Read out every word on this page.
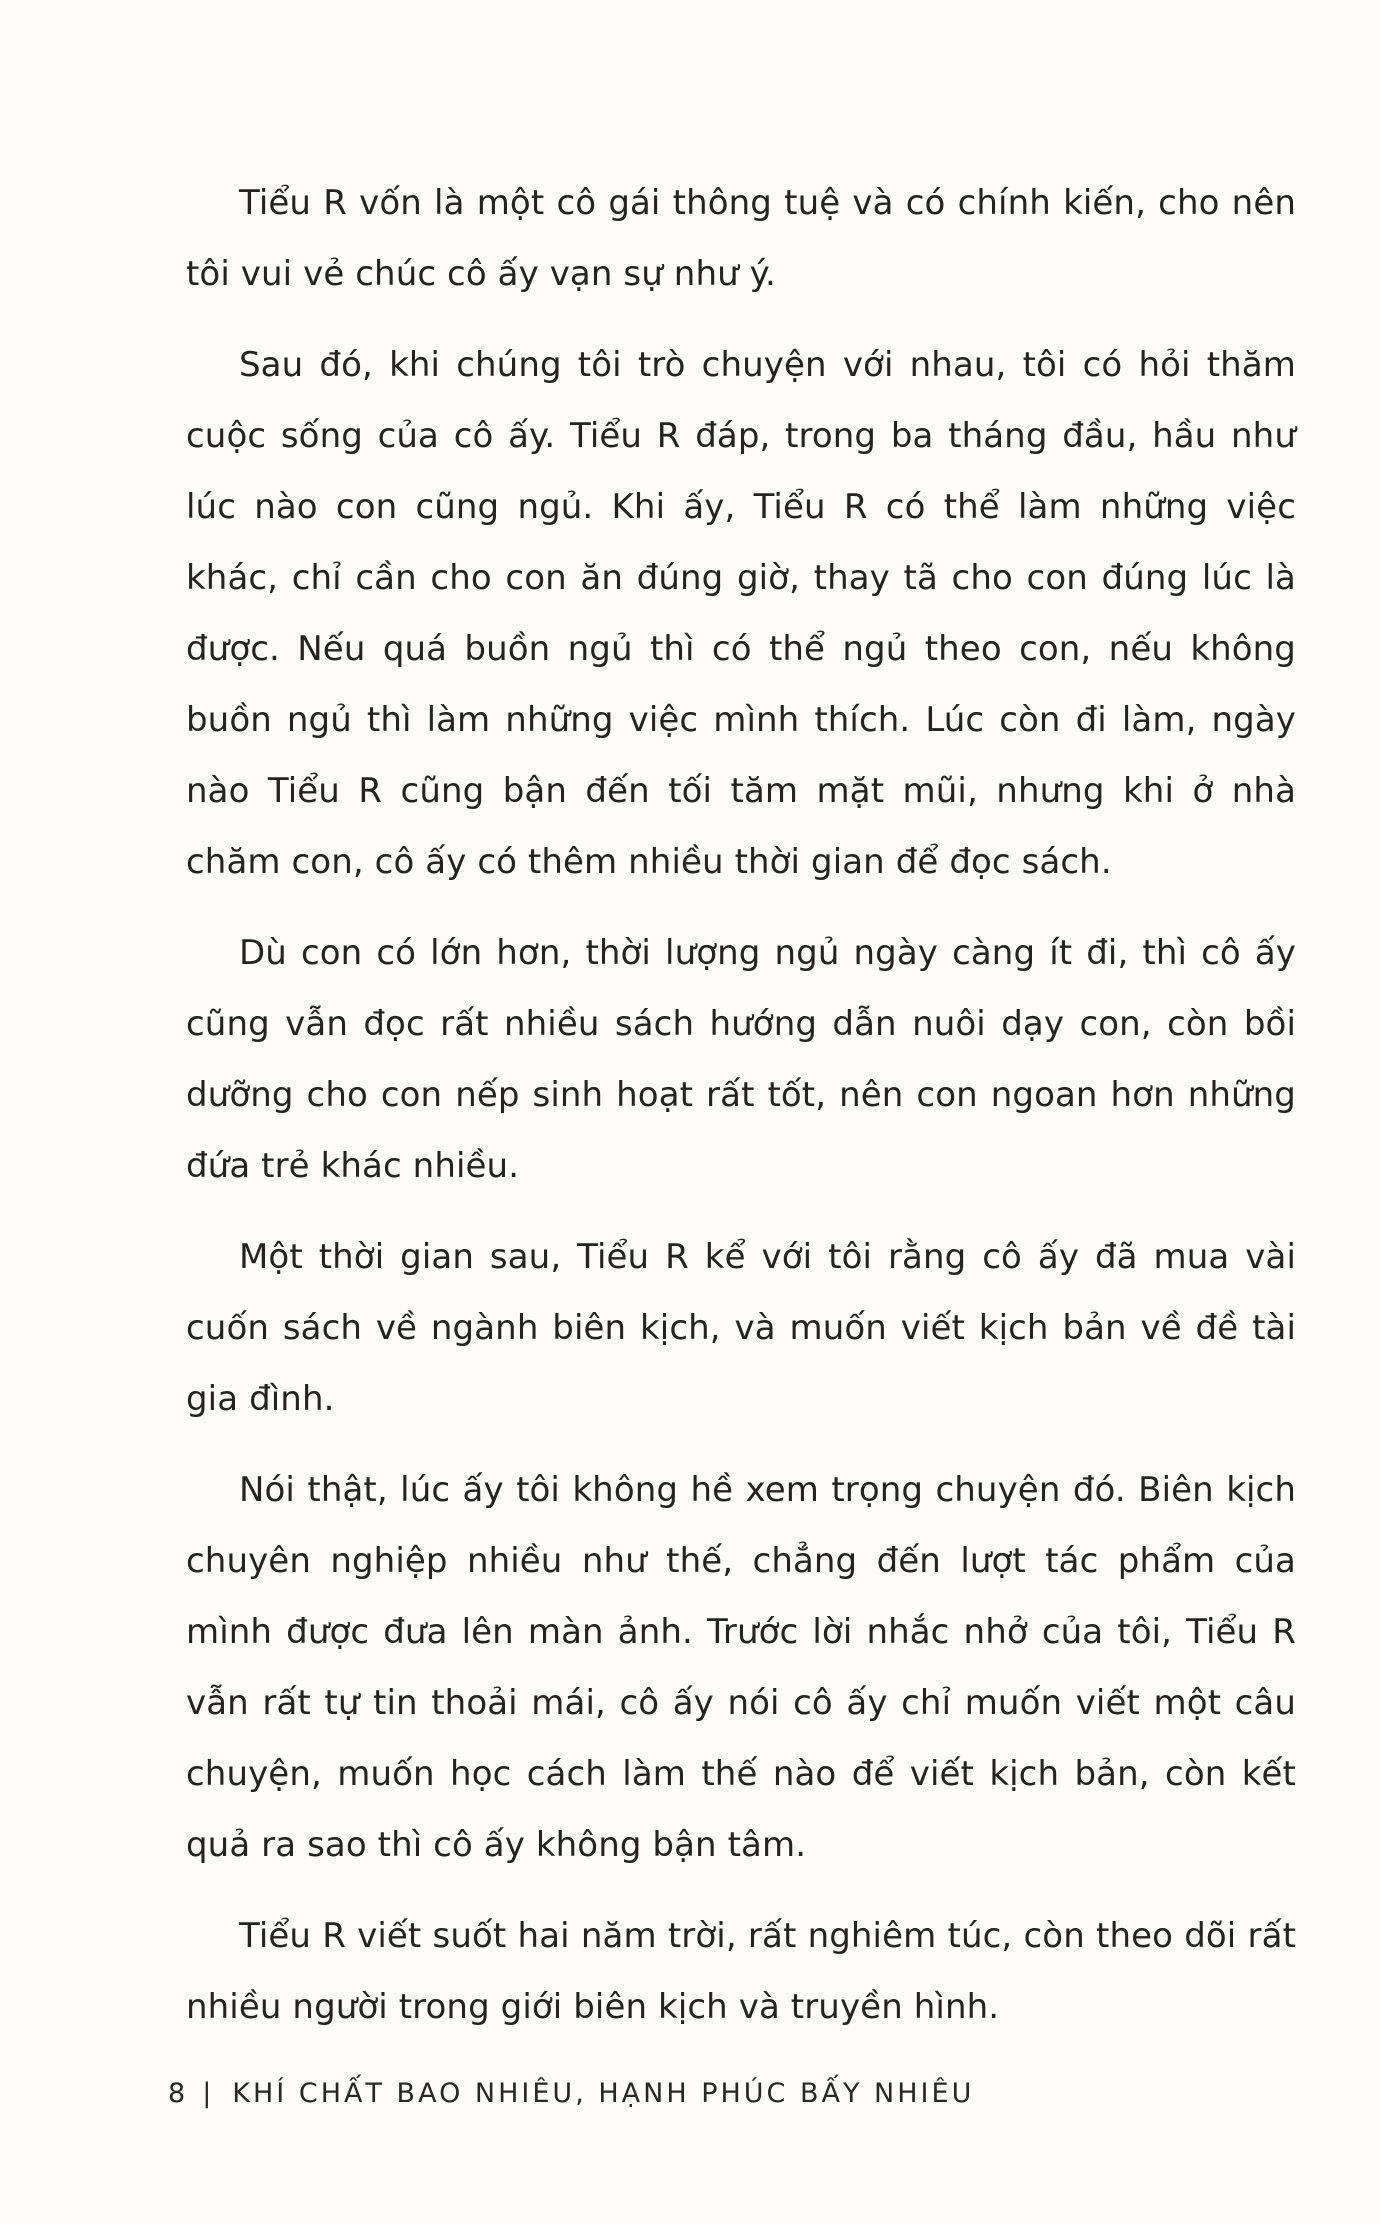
Tiểu R vốn là một cô gái thông tuệ và có chính kiến, cho nên tôi vui vẻ chúc cô ấy vạn sự như ý.

Sau đó, khi chúng tôi trò chuyện với nhau, tôi có hỏi thăm cuộc sống của cô ấy. Tiểu R đáp, trong ba tháng đầu, hầu như lúc nào con cũng ngủ. Khi ấy, Tiểu R có thể làm những việc khác, chỉ cần cho con ăn đúng giờ, thay tã cho con đúng lúc là được. Nếu quá buồn ngủ thì có thể ngủ theo con, nếu không buồn ngủ thì làm những việc mình thích. Lúc còn đi làm, ngày nào Tiểu R cũng bận đến tối tăm mặt mũi, nhưng khi ở nhà chăm con, cô ấy có thêm nhiều thời gian để đọc sách.

Dù con có lớn hơn, thời lượng ngủ ngày càng ít đi, thì cô ấy cũng vẫn đọc rất nhiều sách hướng dẫn nuôi dạy con, còn bồi dưỡng cho con nếp sinh hoạt rất tốt, nên con ngoan hơn những đứa trẻ khác nhiều.

Một thời gian sau, Tiểu R kể với tôi rằng cô ấy đã mua vài cuốn sách về ngành biên kịch, và muốn viết kịch bản về đề tài gia đình.

Nói thật, lúc ấy tôi không hề xem trọng chuyện đó. Biên kịch chuyên nghiệp nhiều như thế, chẳng đến lượt tác phẩm của mình được đưa lên màn ảnh. Trước lời nhắc nhở của tôi, Tiểu R vẫn rất tự tin thoải mái, cô ấy nói cô ấy chỉ muốn viết một câu chuyện, muốn học cách làm thế nào để viết kịch bản, còn kết quả ra sao thì cô ấy không bận tâm.

Tiểu R viết suốt hai năm trời, rất nghiêm túc, còn theo dõi rất nhiều người trong giới biên kịch và truyền hình.

8 | KHÍ CHẤT BAO NHIÊU, HẠNH PHÚC BẤY NHIÊU
